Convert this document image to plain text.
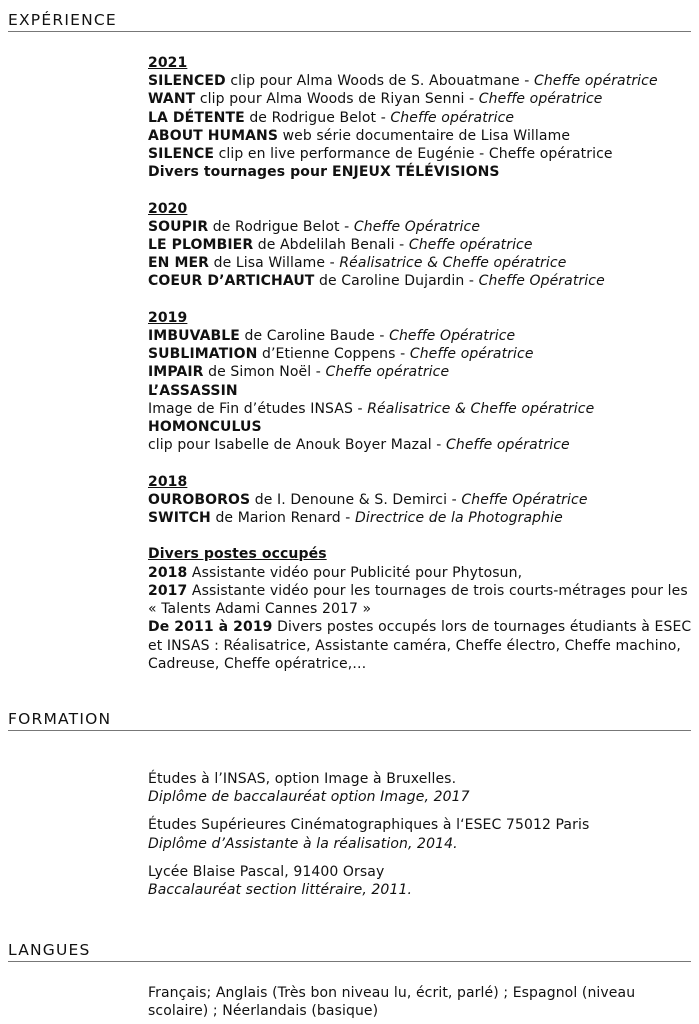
EXPÉRIENCE
2021
SILENCED clip pour Alma Woods de S. Abouatmane - Cheffe opératrice
WANT clip pour Alma Woods de Riyan Senni - Cheffe opératrice
LA DÉTENTE de Rodrigue Belot - Cheffe opératrice
ABOUT HUMANS web série documentaire de Lisa Willame
SILENCE clip en live performance de Eugénie - Cheffe opératrice
Divers tournages pour ENJEUX TÉLÉVISIONS

2020
SOUPIR de Rodrigue Belot - Cheffe Opératrice
LE PLOMBIER de Abdelilah Benali - Cheffe opératrice
EN MER de Lisa Willame - Réalisatrice & Cheffe opératrice
COEUR D’ARTICHAUT de Caroline Dujardin - Cheffe Opératrice

2019
IMBUVABLE de Caroline Baude - Cheffe Opératrice
SUBLIMATION d’Etienne Coppens - Cheffe opératrice
IMPAIR de Simon Noël - Cheffe opératrice
L’ASSASSIN
Image de Fin d’études INSAS - Réalisatrice & Cheffe opératrice
HOMONCULUS
clip pour Isabelle de Anouk Boyer Mazal - Cheffe opératrice

2018
OUROBOROS de I. Denoune & S. Demirci - Cheffe Opératrice
SWITCH de Marion Renard - Directrice de la Photographie

Divers postes occupés
2018 Assistante vidéo pour Publicité pour Phytosun,
2017 Assistante vidéo pour les tournages de trois courts-métrages pour les « Talents Adami Cannes 2017 »
De 2011 à 2019 Divers postes occupés lors de tournages étudiants à ESEC et INSAS : Réalisatrice, Assistante caméra, Cheffe électro, Cheffe machino, Cadreuse, Cheffe opératrice,…
FORMATION
Études à l’INSAS, option Image à Bruxelles.
Diplôme de baccalauréat option Image, 2017
Études Supérieures Cinématographiques à l‘ESEC 75012 Paris
Diplôme d’Assistante à la réalisation, 2014.
Lycée Blaise Pascal, 91400 Orsay
Baccalauréat section littéraire, 2011.
LANGUES
Français; Anglais (Très bon niveau lu, écrit, parlé) ; Espagnol (niveau scolaire) ; Néerlandais (basique)
